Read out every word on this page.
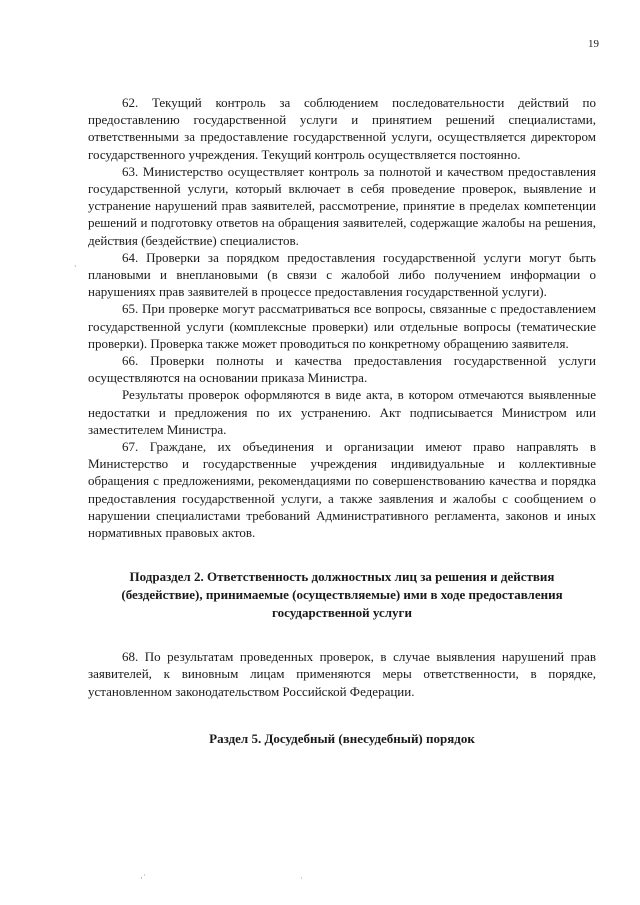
19

62. Текущий контроль за соблюдением последовательности действий по предоставлению государственной услуги и принятием решений специалистами, ответственными за предоставление государственной услуги, осуществляется директором государственного учреждения. Текущий контроль осуществляется постоянно.

63. Министерство осуществляет контроль за полнотой и качеством предоставления государственной услуги, который включает в себя проведение проверок, выявление и устранение нарушений прав заявителей, рассмотрение, принятие в пределах компетенции решений и подготовку ответов на обращения заявителей, содержащие жалобы на решения, действия (бездействие) специалистов.

64. Проверки за порядком предоставления государственной услуги могут быть плановыми и внеплановыми (в связи с жалобой либо получением информации о нарушениях прав заявителей в процессе предоставления государственной услуги).

65. При проверке могут рассматриваться все вопросы, связанные с предоставлением государственной услуги (комплексные проверки) или отдельные вопросы (тематические проверки). Проверка также может проводиться по конкретному обращению заявителя.

66. Проверки полноты и качества предоставления государственной услуги осуществляются на основании приказа Министра.

Результаты проверок оформляются в виде акта, в котором отмечаются выявленные недостатки и предложения по их устранению. Акт подписывается Министром или заместителем Министра.

67. Граждане, их объединения и организации имеют право направлять в Министерство и государственные учреждения индивидуальные и коллективные обращения с предложениями, рекомендациями по совершенствованию качества и порядка предоставления государственной услуги, а также заявления и жалобы с сообщением о нарушении специалистами требований Административного регламента, законов и иных нормативных правовых актов.

Подраздел 2. Ответственность должностных лиц за решения и действия (бездействие), принимаемые (осуществляемые) ими в ходе предоставления государственной услуги

68. По результатам проведенных проверок, в случае выявления нарушений прав заявителей, к виновным лицам применяются меры ответственности, в порядке, установленном законодательством Российской Федерации.

Раздел 5. Досудебный (внесудебный) порядок
ˎ
·˙	˙
